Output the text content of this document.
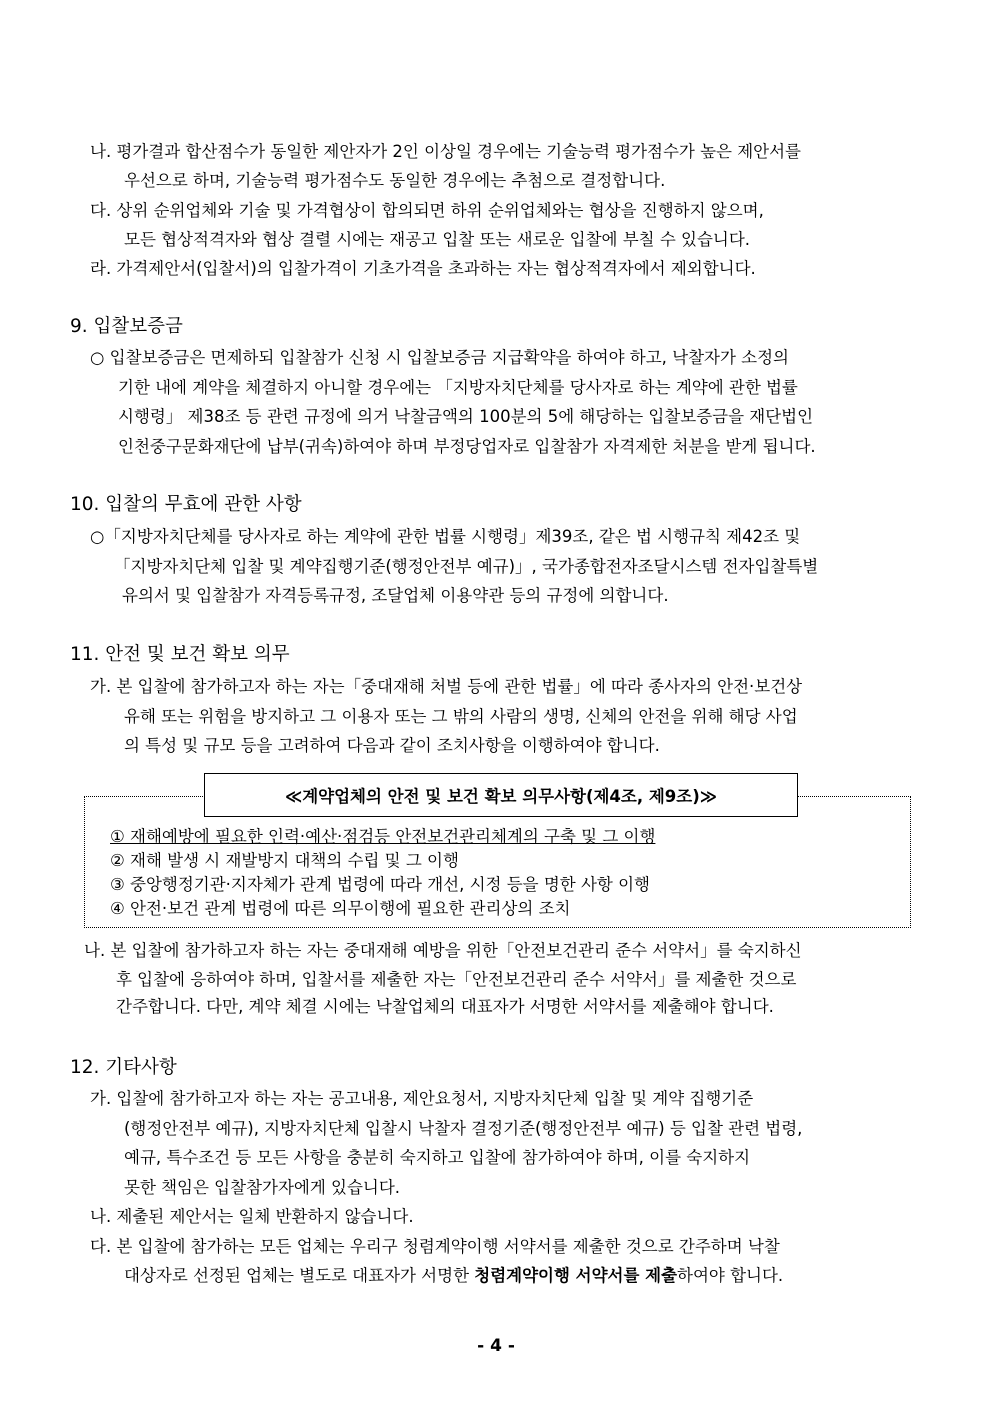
나. 평가결과 합산점수가 동일한 제안자가 2인 이상일 경우에는 기술능력 평가점수가 높은 제안서를
우선으로 하며, 기술능력 평가점수도 동일한 경우에는 추첨으로 결정합니다.
다. 상위 순위업체와 기술 및 가격협상이 합의되면 하위 순위업체와는 협상을 진행하지 않으며,
모든 협상적격자와 협상 결렬 시에는 재공고 입찰 또는 새로운 입찰에 부칠 수 있습니다.
라. 가격제안서(입찰서)의 입찰가격이 기초가격을 초과하는 자는 협상적격자에서 제외합니다.
9. 입찰보증금
○ 입찰보증금은 면제하되 입찰참가 신청 시 입찰보증금 지급확약을 하여야 하고, 낙찰자가 소정의
기한 내에 계약을 체결하지 아니할 경우에는 「지방자치단체를 당사자로 하는 계약에 관한 법률
시행령」 제38조 등 관련 규정에 의거 낙찰금액의 100분의 5에 해당하는 입찰보증금을 재단법인
인천중구문화재단에 납부(귀속)하여야 하며 부정당업자로 입찰참가 자격제한 처분을 받게 됩니다.
10. 입찰의 무효에 관한 사항
○「지방자치단체를 당사자로 하는 계약에 관한 법률 시행령」제39조, 같은 법 시행규칙 제42조 및
「지방자치단체 입찰 및 계약집행기준(행정안전부 예규)」, 국가종합전자조달시스템 전자입찰특별
유의서 및 입찰참가 자격등록규정, 조달업체 이용약관 등의 규정에 의합니다.
11. 안전 및 보건 확보 의무
가. 본 입찰에 참가하고자 하는 자는「중대재해 처벌 등에 관한 법률」에 따라 종사자의 안전·보건상
유해 또는 위험을 방지하고 그 이용자 또는 그 밖의 사람의 생명, 신체의 안전을 위해 해당 사업
의 특성 및 규모 등을 고려하여 다음과 같이 조치사항을 이행하여야 합니다.
≪계약업체의 안전 및 보건 확보 의무사항(제4조, 제9조)≫
① 재해예방에 필요한 인력·예산·점검등 안전보건관리체계의 구축 및 그 이행
② 재해 발생 시 재발방지 대책의 수립 및 그 이행
③ 중앙행정기관·지자체가 관계 법령에 따라 개선, 시정 등을 명한 사항 이행
④ 안전·보건 관계 법령에 따른 의무이행에 필요한 관리상의 조치
나. 본 입찰에 참가하고자 하는 자는 중대재해 예방을 위한「안전보건관리 준수 서약서」를 숙지하신
후 입찰에 응하여야 하며, 입찰서를 제출한 자는「안전보건관리 준수 서약서」를 제출한 것으로
간주합니다. 다만, 계약 체결 시에는 낙찰업체의 대표자가 서명한 서약서를 제출해야 합니다.
12. 기타사항
가. 입찰에 참가하고자 하는 자는 공고내용, 제안요청서, 지방자치단체 입찰 및 계약 집행기준
(행정안전부 예규), 지방자치단체 입찰시 낙찰자 결정기준(행정안전부 예규) 등 입찰 관련 법령,
예규, 특수조건 등 모든 사항을 충분히 숙지하고 입찰에 참가하여야 하며, 이를 숙지하지
못한 책임은 입찰참가자에게 있습니다.
나. 제출된 제안서는 일체 반환하지 않습니다.
다. 본 입찰에 참가하는 모든 업체는 우리구 청렴계약이행 서약서를 제출한 것으로 간주하며 낙찰
대상자로 선정된 업체는 별도로 대표자가 서명한 청렴계약이행 서약서를 제출하여야 합니다.
- 4 -
